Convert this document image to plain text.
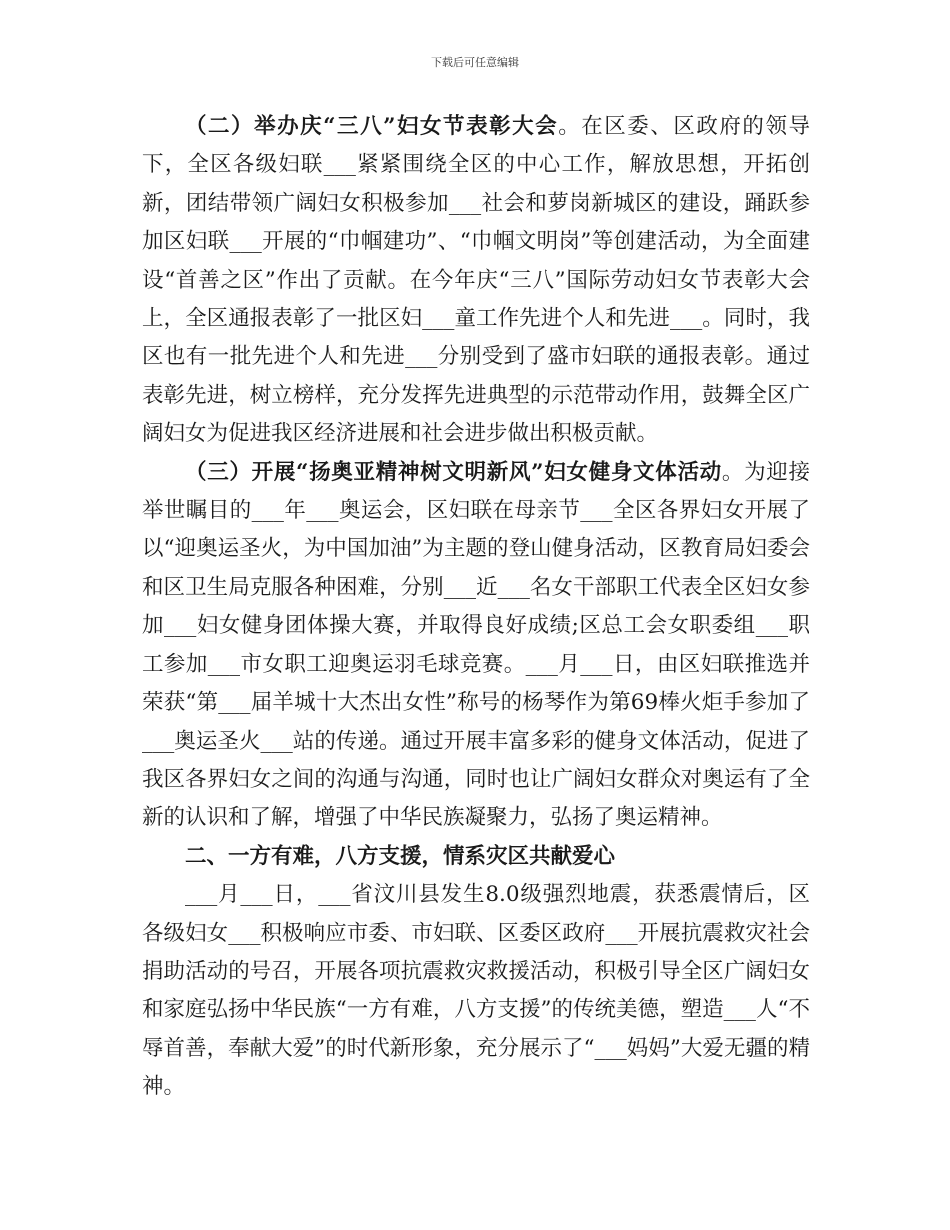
下载后可任意编辑

（二）举办庆“三八”妇女节表彰大会。在区委、区政府的领导下，全区各级妇联___紧紧围绕全区的中心工作，解放思想，开拓创新，团结带领广阔妇女积极参加___社会和萝岗新城区的建设，踊跃参加区妇联___开展的“巾帼建功”、“巾帼文明岗”等创建活动，为全面建设“首善之区”作出了贡献。在今年庆“三八”国际劳动妇女节表彰大会上，全区通报表彰了一批区妇___童工作先进个人和先进___。同时，我区也有一批先进个人和先进___分别受到了盛市妇联的通报表彰。通过表彰先进，树立榜样，充分发挥先进典型的示范带动作用，鼓舞全区广阔妇女为促进我区经济进展和社会进步做出积极贡献。

（三）开展“扬奥亚精神树文明新风”妇女健身文体活动。为迎接举世瞩目的___年___奥运会，区妇联在母亲节___全区各界妇女开展了以“迎奥运圣火，为中国加油”为主题的登山健身活动，区教育局妇委会和区卫生局克服各种困难，分别___近___名女干部职工代表全区妇女参加___妇女健身团体操大赛，并取得良好成绩;区总工会女职委组___职工参加___市女职工迎奥运羽毛球竞赛。___月___日，由区妇联推选并荣获“第___届羊城十大杰出女性”称号的杨琴作为第69棒火炬手参加了___奥运圣火___站的传递。通过开展丰富多彩的健身文体活动，促进了我区各界妇女之间的沟通与沟通，同时也让广阔妇女群众对奥运有了全新的认识和了解，增强了中华民族凝聚力，弘扬了奥运精神。

二、一方有难，八方支援，情系灾区共献爱心

___月___日，___省汶川县发生8.0级强烈地震，获悉震情后，区各级妇女___积极响应市委、市妇联、区委区政府___开展抗震救灾社会捐助活动的号召，开展各项抗震救灾救援活动，积极引导全区广阔妇女和家庭弘扬中华民族“一方有难，八方支援”的传统美德，塑造___人“不辱首善，奉献大爱”的时代新形象，充分展示了“___妈妈”大爱无疆的精神。
